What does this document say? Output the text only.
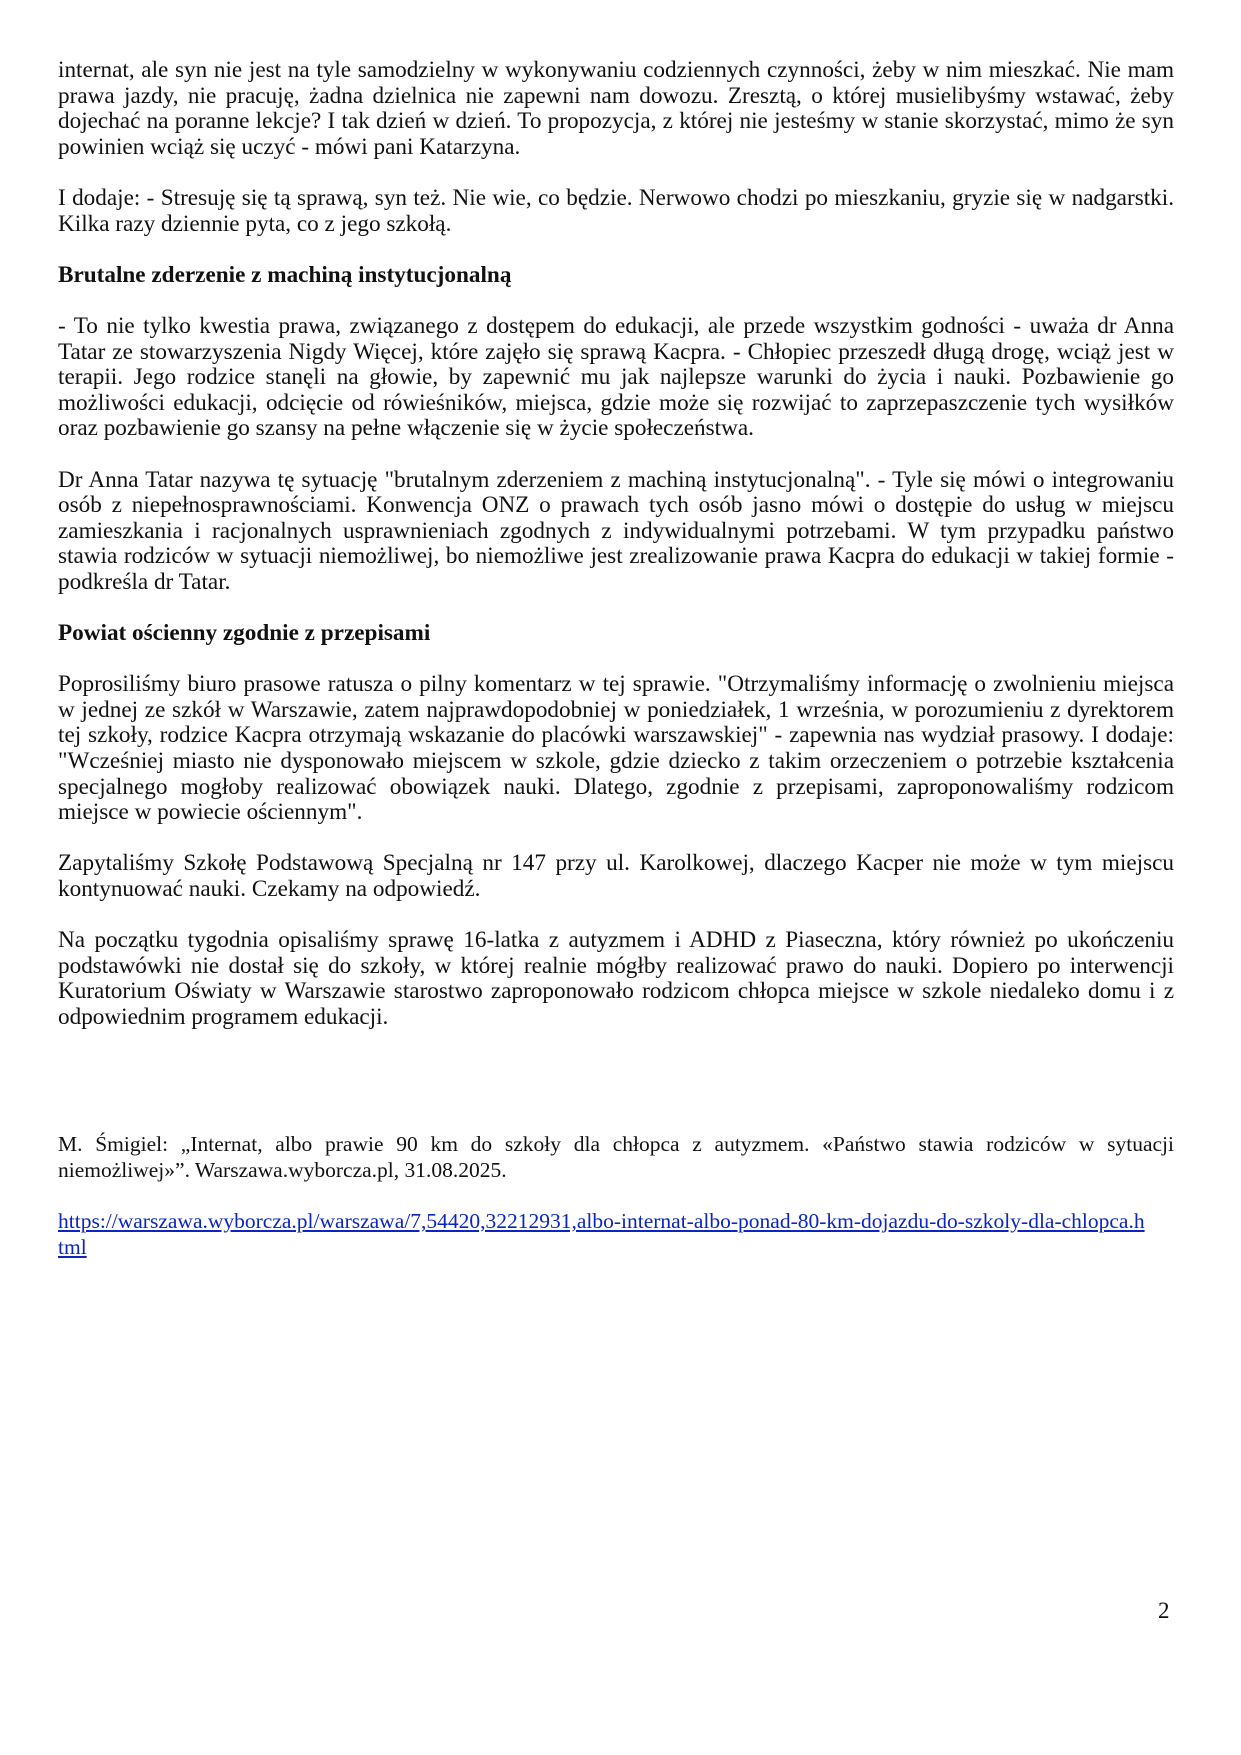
internat, ale syn nie jest na tyle samodzielny w wykonywaniu codziennych czynności, żeby w nim mieszkać. Nie mam prawa jazdy, nie pracuję, żadna dzielnica nie zapewni nam dowozu. Zresztą, o której musielibyśmy wstawać, żeby dojechać na poranne lekcje? I tak dzień w dzień. To propozycja, z której nie jesteśmy w stanie skorzystać, mimo że syn powinien wciąż się uczyć - mówi pani Katarzyna.

I dodaje: - Stresuję się tą sprawą, syn też. Nie wie, co będzie. Nerwowo chodzi po mieszkaniu, gryzie się w nadgarstki. Kilka razy dziennie pyta, co z jego szkołą.

Brutalne zderzenie z machiną instytucjonalną

- To nie tylko kwestia prawa, związanego z dostępem do edukacji, ale przede wszystkim godności - uważa dr Anna Tatar ze stowarzyszenia Nigdy Więcej, które zajęło się sprawą Kacpra. - Chłopiec przeszedł długą drogę, wciąż jest w terapii. Jego rodzice stanęli na głowie, by zapewnić mu jak najlepsze warunki do życia i nauki. Pozbawienie go możliwości edukacji, odcięcie od rówieśników, miejsca, gdzie może się rozwijać to zaprzepaszczenie tych wysiłków oraz pozbawienie go szansy na pełne włączenie się w życie społeczeństwa.

Dr Anna Tatar nazywa tę sytuację "brutalnym zderzeniem z machiną instytucjonalną". - Tyle się mówi o integrowaniu osób z niepełnosprawnościami. Konwencja ONZ o prawach tych osób jasno mówi o dostępie do usług w miejscu zamieszkania i racjonalnych usprawnieniach zgodnych z indywidualnymi potrzebami. W tym przypadku państwo stawia rodziców w sytuacji niemożliwej, bo niemożliwe jest zrealizowanie prawa Kacpra do edukacji w takiej formie - podkreśla dr Tatar.

Powiat ościenny zgodnie z przepisami

Poprosiliśmy biuro prasowe ratusza o pilny komentarz w tej sprawie. "Otrzymaliśmy informację o zwolnieniu miejsca w jednej ze szkół w Warszawie, zatem najprawdopodobniej w poniedziałek, 1 września, w porozumieniu z dyrektorem tej szkoły, rodzice Kacpra otrzymają wskazanie do placówki warszawskiej" - zapewnia nas wydział prasowy. I dodaje: "Wcześniej miasto nie dysponowało miejscem w szkole, gdzie dziecko z takim orzeczeniem o potrzebie kształcenia specjalnego mogłoby realizować obowiązek nauki. Dlatego, zgodnie z przepisami, zaproponowaliśmy rodzicom miejsce w powiecie ościennym".

Zapytaliśmy Szkołę Podstawową Specjalną nr 147 przy ul. Karolkowej, dlaczego Kacper nie może w tym miejscu kontynuować nauki. Czekamy na odpowiedź.

Na początku tygodnia opisaliśmy sprawę 16-latka z autyzmem i ADHD z Piaseczna, który również po ukończeniu podstawówki nie dostał się do szkoły, w której realnie mógłby realizować prawo do nauki. Dopiero po interwencji Kuratorium Oświaty w Warszawie starostwo zaproponowało rodzicom chłopca miejsce w szkole niedaleko domu i z odpowiednim programem edukacji.

M. Śmigiel: „Internat, albo prawie 90 km do szkoły dla chłopca z autyzmem. «Państwo stawia rodziców w sytuacji niemożliwej»”. Warszawa.wyborcza.pl, 31.08.2025.

https://warszawa.wyborcza.pl/warszawa/7,54420,32212931,albo-internat-albo-ponad-80-km-dojazdu-do-szkoly-dla-chlopca.html
2
